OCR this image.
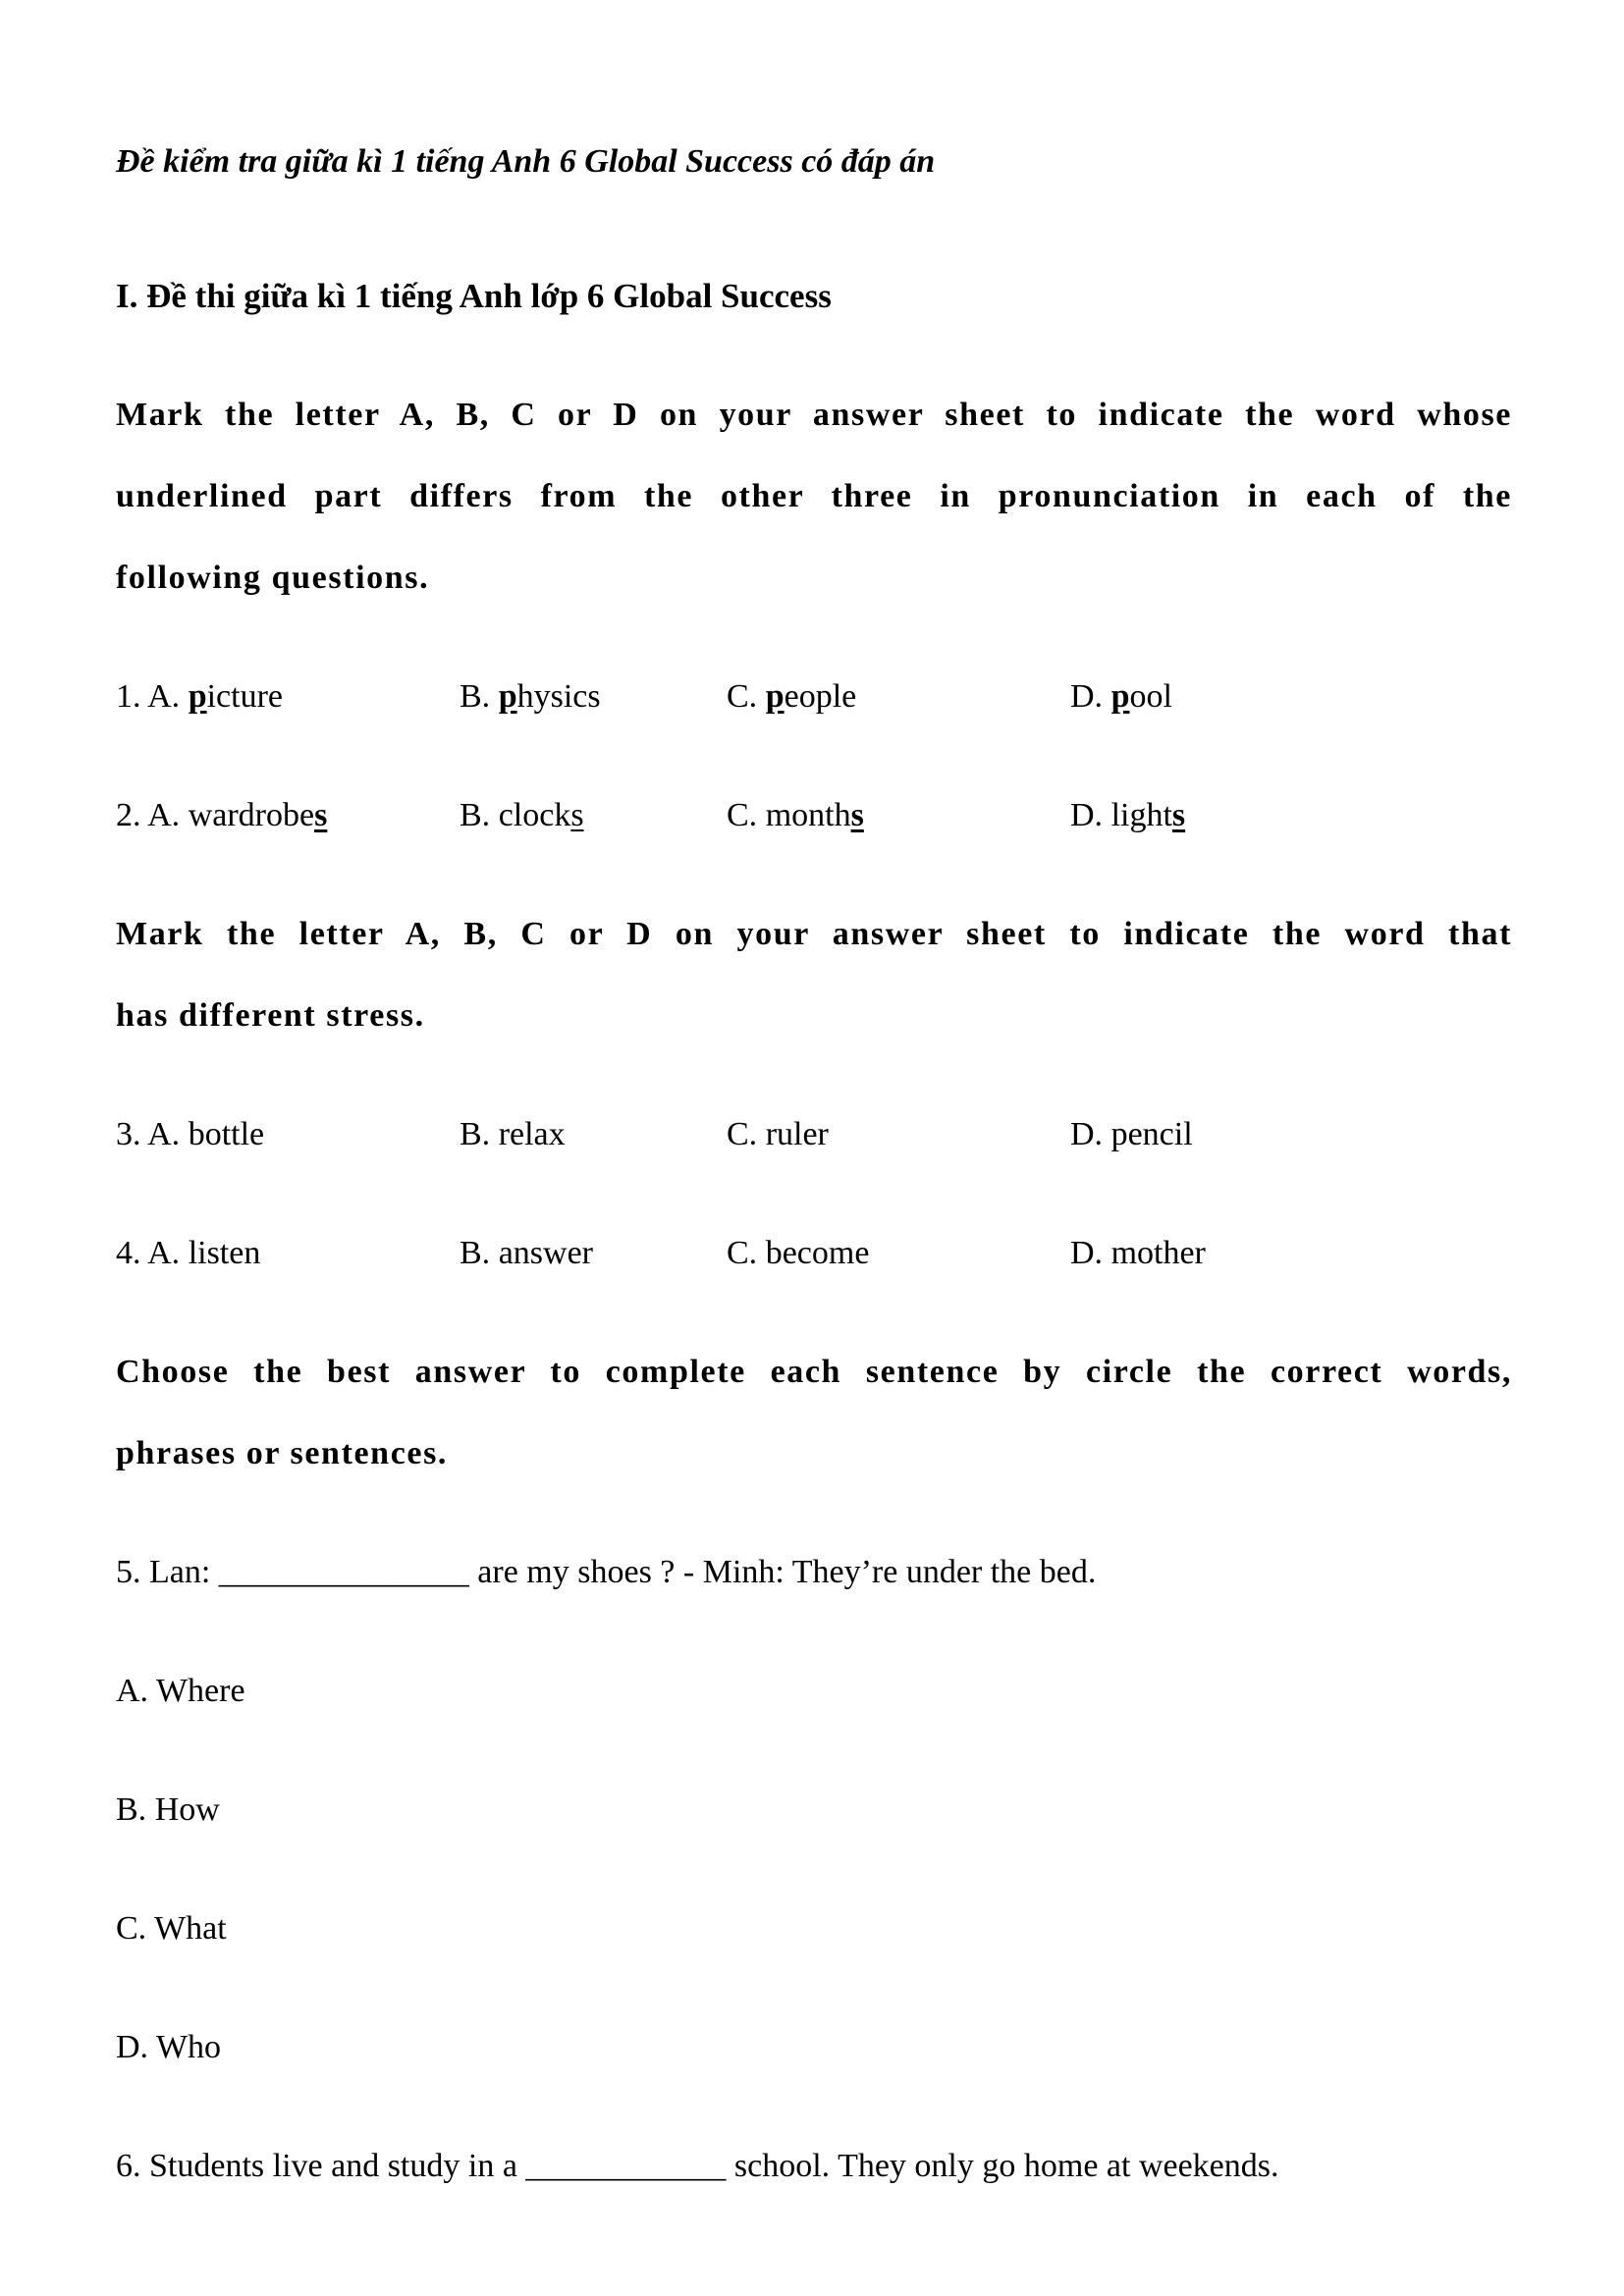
Đề kiểm tra giữa kì 1 tiếng Anh 6 Global Success có đáp án

I. Đề thi giữa kì 1 tiếng Anh lớp 6 Global Success

Mark the letter A, B, C or D on your answer sheet to indicate the word whose
underlined part differs from the other three in pronunciation in each of the
following questions.
1. A. picture	B. physics	C. people	D. pool
2. A. wardrobes	B. clocks	C. months	D. lights
Mark the letter A, B, C or D on your answer sheet to indicate the word that
has different stress.
3. A. bottle	B. relax	C. ruler	D. pencil
4. A. listen	B. answer	C. become	D. mother
Choose the best answer to complete each sentence by circle the correct words,
phrases or sentences.

5. Lan: _______________ are my shoes ? - Minh: They’re under the bed.

A. Where

B. How

C. What

D. Who

6. Students live and study in a ____________ school. They only go home at weekends.
